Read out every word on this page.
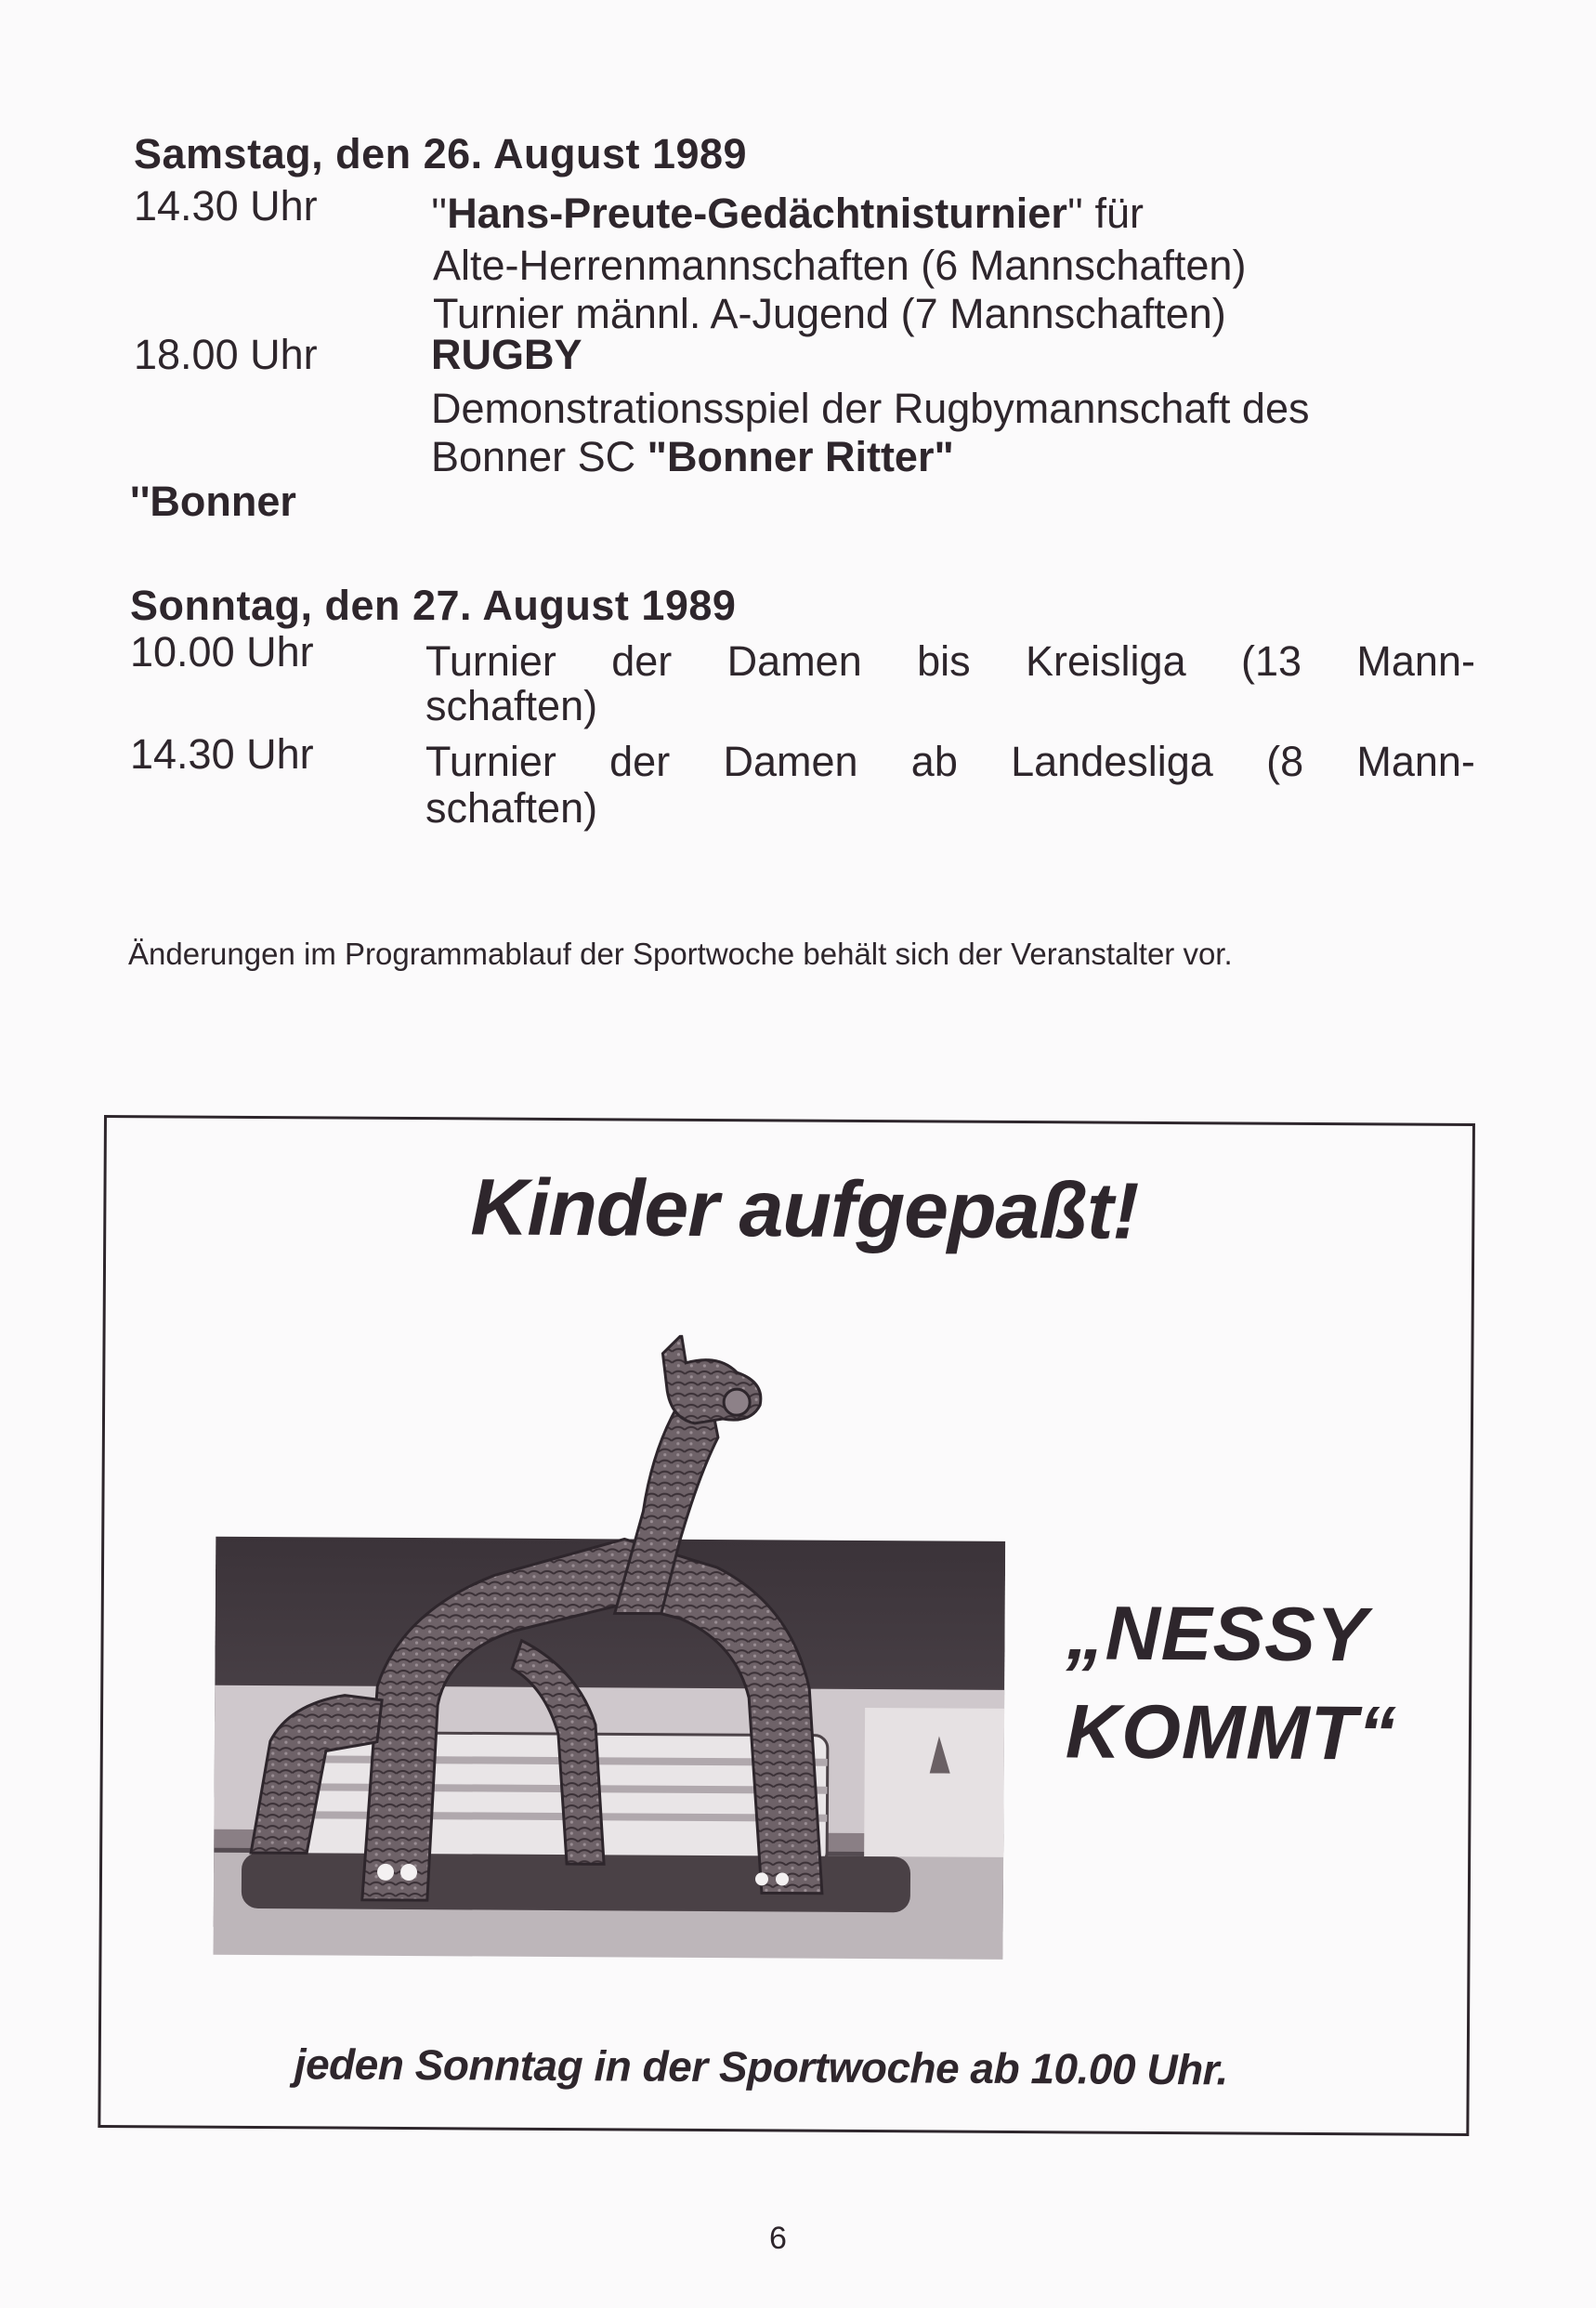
Samstag, den 26. August 1989
14.30 Uhr	''Hans-Preute-Gedächtnisturnier'' für
Alte-Herrenmannschaften (6 Mannschaften)
Turnier männl. A-Jugend (7 Mannschaften)
18.00 Uhr	RUGBY
Demonstrationsspiel der Rugbymannschaft des
Bonner SC "Bonner Ritter"
''Bonner
Sonntag, den 27. August 1989
10.00 Uhr	Turnier der Damen bis Kreisliga (13 Mann-
schaften)
14.30 Uhr	Turnier der Damen ab Landesliga (8 Mann-
schaften)
Änderungen im Programmablauf der Sportwoche behält sich der Veranstalter vor.
Kinder aufgepaßt!
„NESSY
KOMMT“
jeden Sonntag in der Sportwoche ab 10.00 Uhr.
6
